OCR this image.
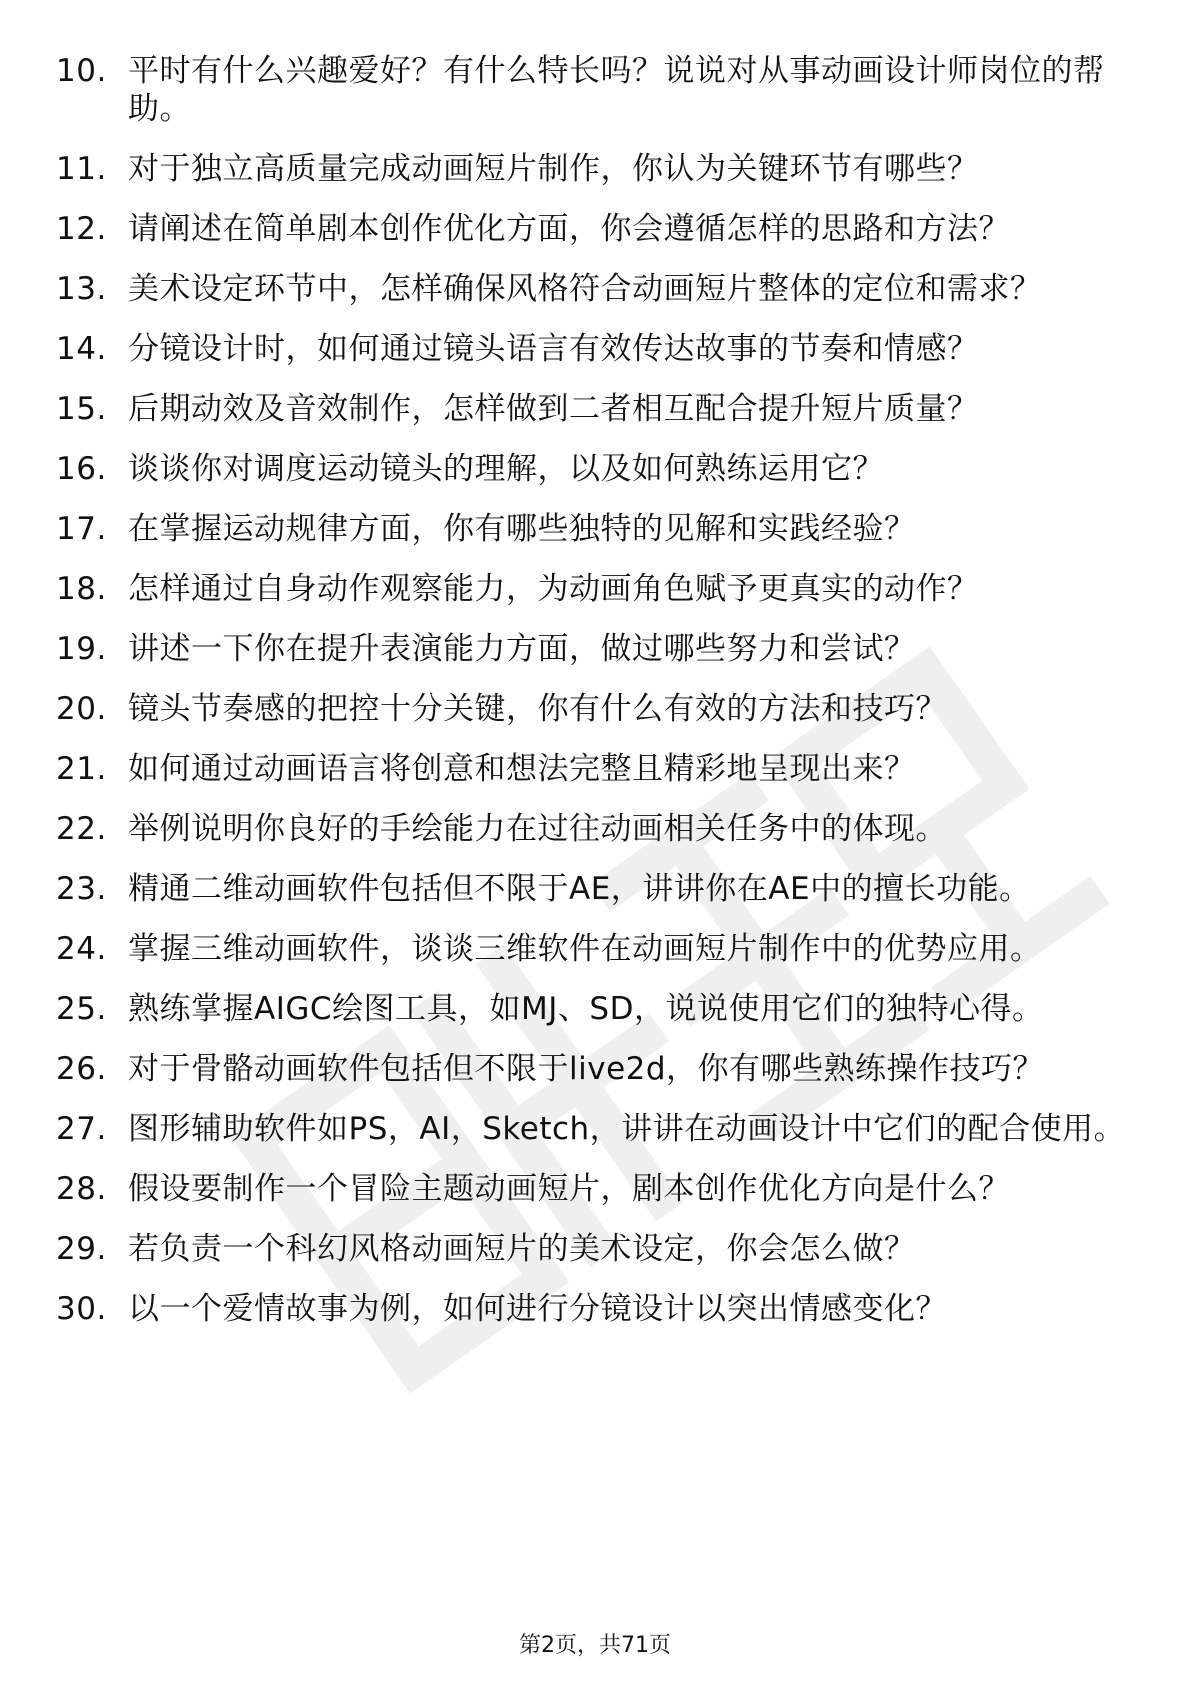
10. 平时有什么兴趣爱好？有什么特长吗？说说对从事动画设计师岗位的帮助。
11. 对于独立高质量完成动画短片制作，你认为关键环节有哪些？
12. 请阐述在简单剧本创作优化方面，你会遵循怎样的思路和方法？
13. 美术设定环节中，怎样确保风格符合动画短片整体的定位和需求？
14. 分镜设计时，如何通过镜头语言有效传达故事的节奏和情感？
15. 后期动效及音效制作，怎样做到二者相互配合提升短片质量？
16. 谈谈你对调度运动镜头的理解，以及如何熟练运用它？
17. 在掌握运动规律方面，你有哪些独特的见解和实践经验？
18. 怎样通过自身动作观察能力，为动画角色赋予更真实的动作？
19. 讲述一下你在提升表演能力方面，做过哪些努力和尝试？
20. 镜头节奏感的把控十分关键，你有什么有效的方法和技巧？
21. 如何通过动画语言将创意和想法完整且精彩地呈现出来？
22. 举例说明你良好的手绘能力在过往动画相关任务中的体现。
23. 精通二维动画软件包括但不限于AE，讲讲你在AE中的擅长功能。
24. 掌握三维动画软件，谈谈三维软件在动画短片制作中的优势应用。
25. 熟练掌握AIGC绘图工具，如MJ、SD，说说使用它们的独特心得。
26. 对于骨骼动画软件包括但不限于live2d，你有哪些熟练操作技巧？
27. 图形辅助软件如PS，AI，Sketch，讲讲在动画设计中它们的配合使用。
28. 假设要制作一个冒险主题动画短片，剧本创作优化方向是什么？
29. 若负责一个科幻风格动画短片的美术设定，你会怎么做？
30. 以一个爱情故事为例，如何进行分镜设计以突出情感变化？
第2页，共71页
